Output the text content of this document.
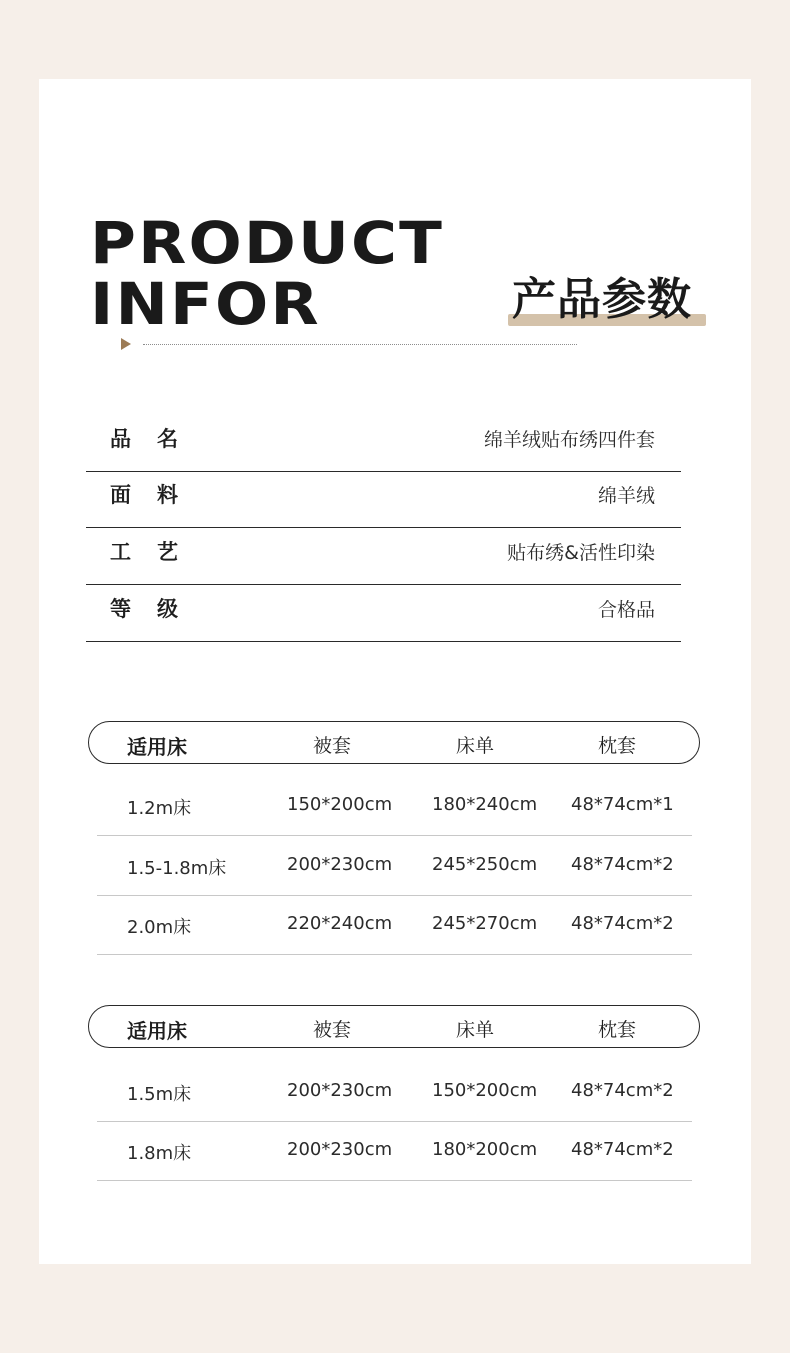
PRODUCT
INFOR	产品参数
品名	绵羊绒贴布绣四件套
面料	绵羊绒
工艺	贴布绣&活性印染
等级	合格品
适用床	被套	床单	枕套
1.2m床	150*200cm 180*240cm 48*74cm*1
1.5-1.8m床	200*230cm 245*250cm 48*74cm*2
2.0m床	220*240cm 245*270cm 48*74cm*2
适用床	被套	床单	枕套
1.5m床	200*230cm 150*200cm 48*74cm*2
1.8m床	200*230cm 180*200cm 48*74cm*2
